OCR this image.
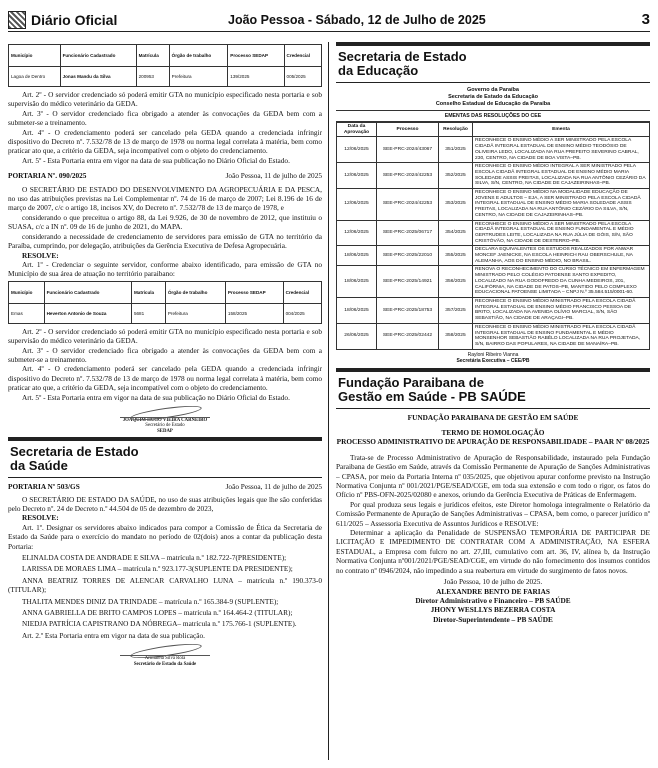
Diário Oficial	João Pessoa - Sábado, 12 de Julho de 2025	3
Município	Funcionário Cadastrado	Matrícula	Órgão de trabalho	Processo SEDAP	Credencial
Lagoa de Dentro	Jonas Mandu da Silva	200953	Prefeitura	139/2025	005/2025

Art. 2º - O servidor credenciado só poderá emitir GTA no município especificado nesta portaria e sob supervisão do médico veterinário da GEDA.

Art. 3º - O servidor credenciado fica obrigado a atender às convocações da GEDA bem com a submeter-se a treinamento.

Art. 4º - O credenciamento poderá ser cancelado pela GEDA quando a credenciada infringir dispositivo do Decreto nº. 7.532/78 de 13 de março de 1978 ou norma legal correlata à matéria, bem como praticar ato que, a critério da GEDA, seja incompatível com o objeto do credenciamento.

Art. 5º - Esta Portaria entra em vigor na data de sua publicação no Diário Oficial do Estado.

PORTARIA Nº. 090/2025	João Pessoa, 11 de julho de 2025

O SECRETÁRIO DE ESTADO DO DESENVOLVIMENTO DA AGROPECUÁRIA E DA PESCA, no uso das atribuições previstas na Lei Complementar nº. 74 de 16 de março de 2007; Lei 8.196 de 16 de março de 2007, c/c o artigo 18, incisos XV, do Decreto nº. 7.532/78 de 13 de março de 1978, e

considerando o que preceitua o artigo 88, da Lei 9.926, de 30 de novembro de 2012, que instituiu o SUASA, c/c a IN nº. 09 de 16 de junho de 2021, do MAPA.

considerando a necessidade de credenciamento de servidores para emissão de GTA no território da Paraíba, cumprindo, por delegação, atribuições da Gerência Executiva de Defesa Agropecuária.

RESOLVE:

Art. 1º - Credenciar o seguinte servidor, conforme abaixo identificado, para emissão de GTA no Município de sua área de atuação no território paraibano:

Município	Funcionário Cadastrado	Matrícula	Órgão de trabalho	Processo SEDAP	Credencial
Emas	Heverton Antonio de Souza	5681	Prefeitura	158/2025	004/2025

Art. 2º - O servidor credenciado só poderá emitir GTA no município especificado nesta portaria e sob supervisão do médico veterinário da GEDA.

Art. 3º - O servidor credenciado fica obrigado a atender às convocações da GEDA bem com a submeter-se a treinamento.

Art. 4º - O credenciamento poderá ser cancelado pela GEDA quando a credenciada infringir dispositivo do Decreto nº. 7.532/78 de 13 de março de 1978 ou norma legal correlata à matéria, bem como praticar ato que, a critério da GEDA, seja incompatível com o objeto do credenciamento.

Art. 5º - Esta Portaria entra em vigor na data de sua publicação no Diário Oficial do Estado.

JOAQUIM HUGO VIEIRA CARNEIRO
Secretário de Estado
SEDAP
Secretaria de Estado
da Saúde

PORTARIA Nº 503/GS	João Pessoa, 11 de julho de 2025

O SECRETÁRIO DE ESTADO DA SAÚDE, no uso de suas atribuições legais que lhe são conferidas pelo Decreto nº. 24 de Decreto n.º 44.504 de 05 de dezembro de 2023,

RESOLVE:

Art. 1º. Designar os servidores abaixo indicados para compor a Comissão de Ética da Secretaria de Estado da Saúde para o exercício do mandato no período de 02(dois) anos a contar da publicação desta Portaria:

ELINALDA COSTA DE ANDRADE E SILVA – matrícula n.º 182.722-7(PRESIDENTE);

LARISSA DE MORAES LIMA – matrícula n.º 923.177-3(SUPLENTE DA PRESIDENTE);

ANNA BEATRIZ TORRES DE ALENCAR CARVALHO LUNA – matrícula n.º 190.373-0 (TITULAR);

THALITA MENDES DINIZ DA TRINDADE – matrícula n.º 165.384-9 (SUPLENTE);

ANNA GABRIELLA DE BRITO CAMPOS LOPES – matrícula n.º 164.464-2 (TITULAR);

NIEDJA PATRÍCIA CAPISTRANO DA NÓBREGA– matrícula n.º 175.766-1 (SUPLENTE).

Art. 2.º Esta Portaria entra em vigor na data de sua publicação.

Arimateia Silva Rola
Secretário de Estado da Saúde
Secretaria de Estado
da Educação
Governo da Paraíba
Secretaria de Estado da Educação
Conselho Estadual de Educação da Paraíba
EMENTAS DAS RESOLUÇÕES DO CEE
Data da Aprovação	Processo	Resolução	Ementa
12/06/2025	SEE-PRC-2024/43067	351/2025	RECONHECE O ENSINO MÉDIO A SER MINISTRADO PELA ESCOLA CIDADÃ INTEGRAL ESTADUAL DE ENSINO MÉDIO TEODÓSIO DE OLIVEIRA LEDO, LOCALIZADA NA RUA PREFEITO SEVERINO CABRAL, 230, CENTRO, NA CIDADE DE BOA VISTA–PB.
12/06/2025	SEE-PRC-2024/42253	352/2025	RECONHECE O ENSINO MÉDIO INTEGRAL A SER MINISTRADO PELA ESCOLA CIDADÃ INTEGRAL ESTADUAL DE ENSINO MÉDIO MARIA SOLEDADE ASSIS FREITAS, LOCALIZADA NA RUA ANTÔNIO CEZÁRIO DA SILVA, S/N, CENTRO, NA CIDADE DE CAJAZEIRINHAS–PB.
12/06/2025	SEE-PRC-2024/42253	353/2025	RECONHECE O ENSINO MÉDIO NA MODALIDADE EDUCAÇÃO DE JOVENS E ADULTOS – EJA, A SER MINISTRADO PELA ESCOLA CIDADÃ INTEGRAL ESTADUAL DE ENSINO MÉDIO MARIA SOLEDADE ASSIS FREITAS, LOCALIZADA NA RUA ANTÔNIO CEZÁRIO DA SILVA, S/N, CENTRO, NA CIDADE DE CAJAZEIRINHAS–PB.
12/06/2025	SEE-PRC-2025/06717	354/2025	RECONHECE O ENSINO MÉDIO A SER MINISTRADO PELA ESCOLA CIDADÃ INTEGRAL ESTADUAL DE ENSINO FUNDAMENTAL E MÉDIO GERTRUDES LEITE, LOCALIZADA NA RUA JÚLIA DE GÓIS, S/N, SÃO CRISTÓVÃO, NA CIDADE DE DESTERRO–PB.
18/06/2025	SEE-PRC-2025/22010	355/2025	DECLARA EQUIVALENTES OS ESTUDOS REALIZADOS POR ANWAR MONCEF JAENICKE, NA ESCOLA HEINRICH RAU OBERSCHULE, NA ALEMANHA, AOS DO ENSINO MÉDIO, NO BRASIL.
18/06/2025	SEE-PRC-2025/14921	356/2025	RENOVA O RECONHECIMENTO DO CURSO TÉCNICO EM ENFERMAGEM MINISTRADO PELO COLÉGIO PATOENSE SANTO EXPEDITO, LOCALIZADO NA RUA GODOFREDO DA CUNHA MEDEIROS, 201, CALIFÓRNIA, NA CIDADE DE PATOS–PB, MANTIDO PELO COMPLEXO EDUCACIONAL PATOENSE LIMITADA – CNPJ N.º 35.584.515/0001-60.
18/06/2025	SEE-PRC-2025/18753	357/2025	RECONHECE O ENSINO MÉDIO MINISTRADO PELA ESCOLA CIDADÃ INTEGRAL ESTADUAL DE ENSINO MÉDIO FRANCISCO PESSOA DE BRITO, LOCALIZADA NA AVENIDA OLÍVIO MARCIAL, S/N, SÃO SEBASTIÃO, NA CIDADE DE ARAÇAGI–PB.
26/06/2025	SEE-PRC-2025/02442	358/2025	RECONHECE O ENSINO MÉDIO MINISTRADO PELA ESCOLA CIDADÃ INTEGRAL ESTADUAL DE ENSINO FUNDAMENTAL E MÉDIO MONSENHOR SEBASTIÃO RABÊLO LOCALIZADA NA RUA PROJETADA, S/N, BAIRRO DAS POPULARES, NA CIDADE DE MANAÍRA–PB.
Rayloni Ribeiro Vianna
Secretária Executiva – CEE/PB
Fundação Paraibana de
Gestão em Saúde - PB SAÚDE

FUNDAÇÃO PARAIBANA DE GESTÃO EM SAÚDE

TERMO DE HOMOLOGAÇÃO

PROCESSO ADMINISTRATIVO DE APURAÇÃO DE RESPONSABILIDADE – PAAR Nº 08/2025

Trata-se de Processo Administrativo de Apuração de Responsabilidade, instaurado pela Fundação Paraibana de Gestão em Saúde, através da Comissão Permanente de Apuração de Sanções Administrativas – CPASA, por meio da Portaria Interna nº 035/2025, que objetivou apurar conforme previsto na Instrução Normativa Conjunta nº 001/2021/PGE/SEAD/CGE, em toda sua extensão e com todo o rigor, os fatos do Ofício nº PBS-OFN-2025/02080 e anexos, oriundo da Gerência Executiva de Práticas de Enfermagem.

Por qual produza seus legais e jurídicos efeitos, este Diretor homologa integralmente o Relatório da Comissão Permanente de Apuração de Sanções Administrativas – CPASA, bem como, o parecer jurídico nº 611/2025 – Assessoria Executiva de Assuntos Jurídicos e RESOLVE:

Determinar a aplicação da Penalidade de SUSPENSÃO TEMPORÁRIA DE PARTICIPAR DE LICITAÇÃO E IMPEDIMENTO DE CONTRATAR COM A ADMINISTRAÇÃO, NA ESFERA ESTADUAL, a Empresa com fulcro no art. 27,III, cumulativo com art. 36, IV, alínea b, da Instrução Normativa Conjunta nº001/2021/PGE/SEAD/CGE, em virtude do não fornecimento dos insumos contidos no contrato nº 0946/2024, não impedindo a sua reabertura em virtude do surgimento de fatos novos.

João Pessoa, 10 de julho de 2025.

ALEXANDRE BENTO DE FARIAS

Diretor Administrativo e Financeiro – PB SAÚDE

JHONY WESLLYS BEZERRA COSTA

Diretor-Superintendente – PB SAÚDE
